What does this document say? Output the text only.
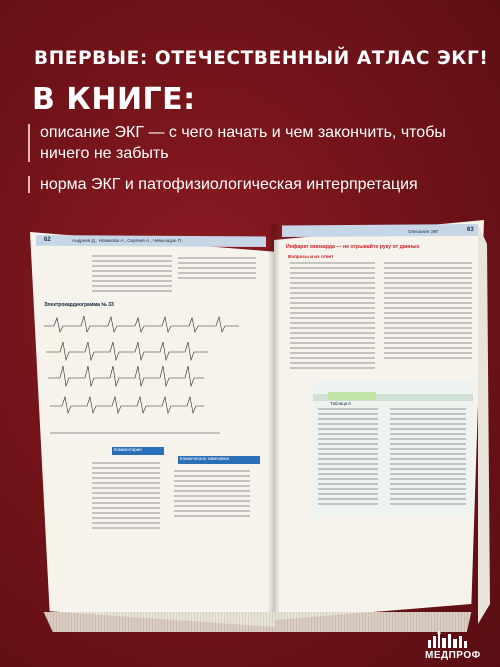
ВПЕРВЫЕ: ОТЕЧЕСТВЕННЫЙ АТЛАС ЭКГ!
В КНИГЕ:
описание ЭКГ — с чего начать и чем закончить, чтобы ничего не забыть
норма ЭКГ и патофизиологическая интерпретация
62	Андреев Д., Новикова А., Сергеев А., Чевычадзе П.
63
Описание ЭКГ
Электрокардиограмма № 33
Комментарии
Клиническое замечание
Инфаркт миокарда — не отрывайте руку от данных
Вопросы и их ответ
Таблица 6
МЕДПРОФ
